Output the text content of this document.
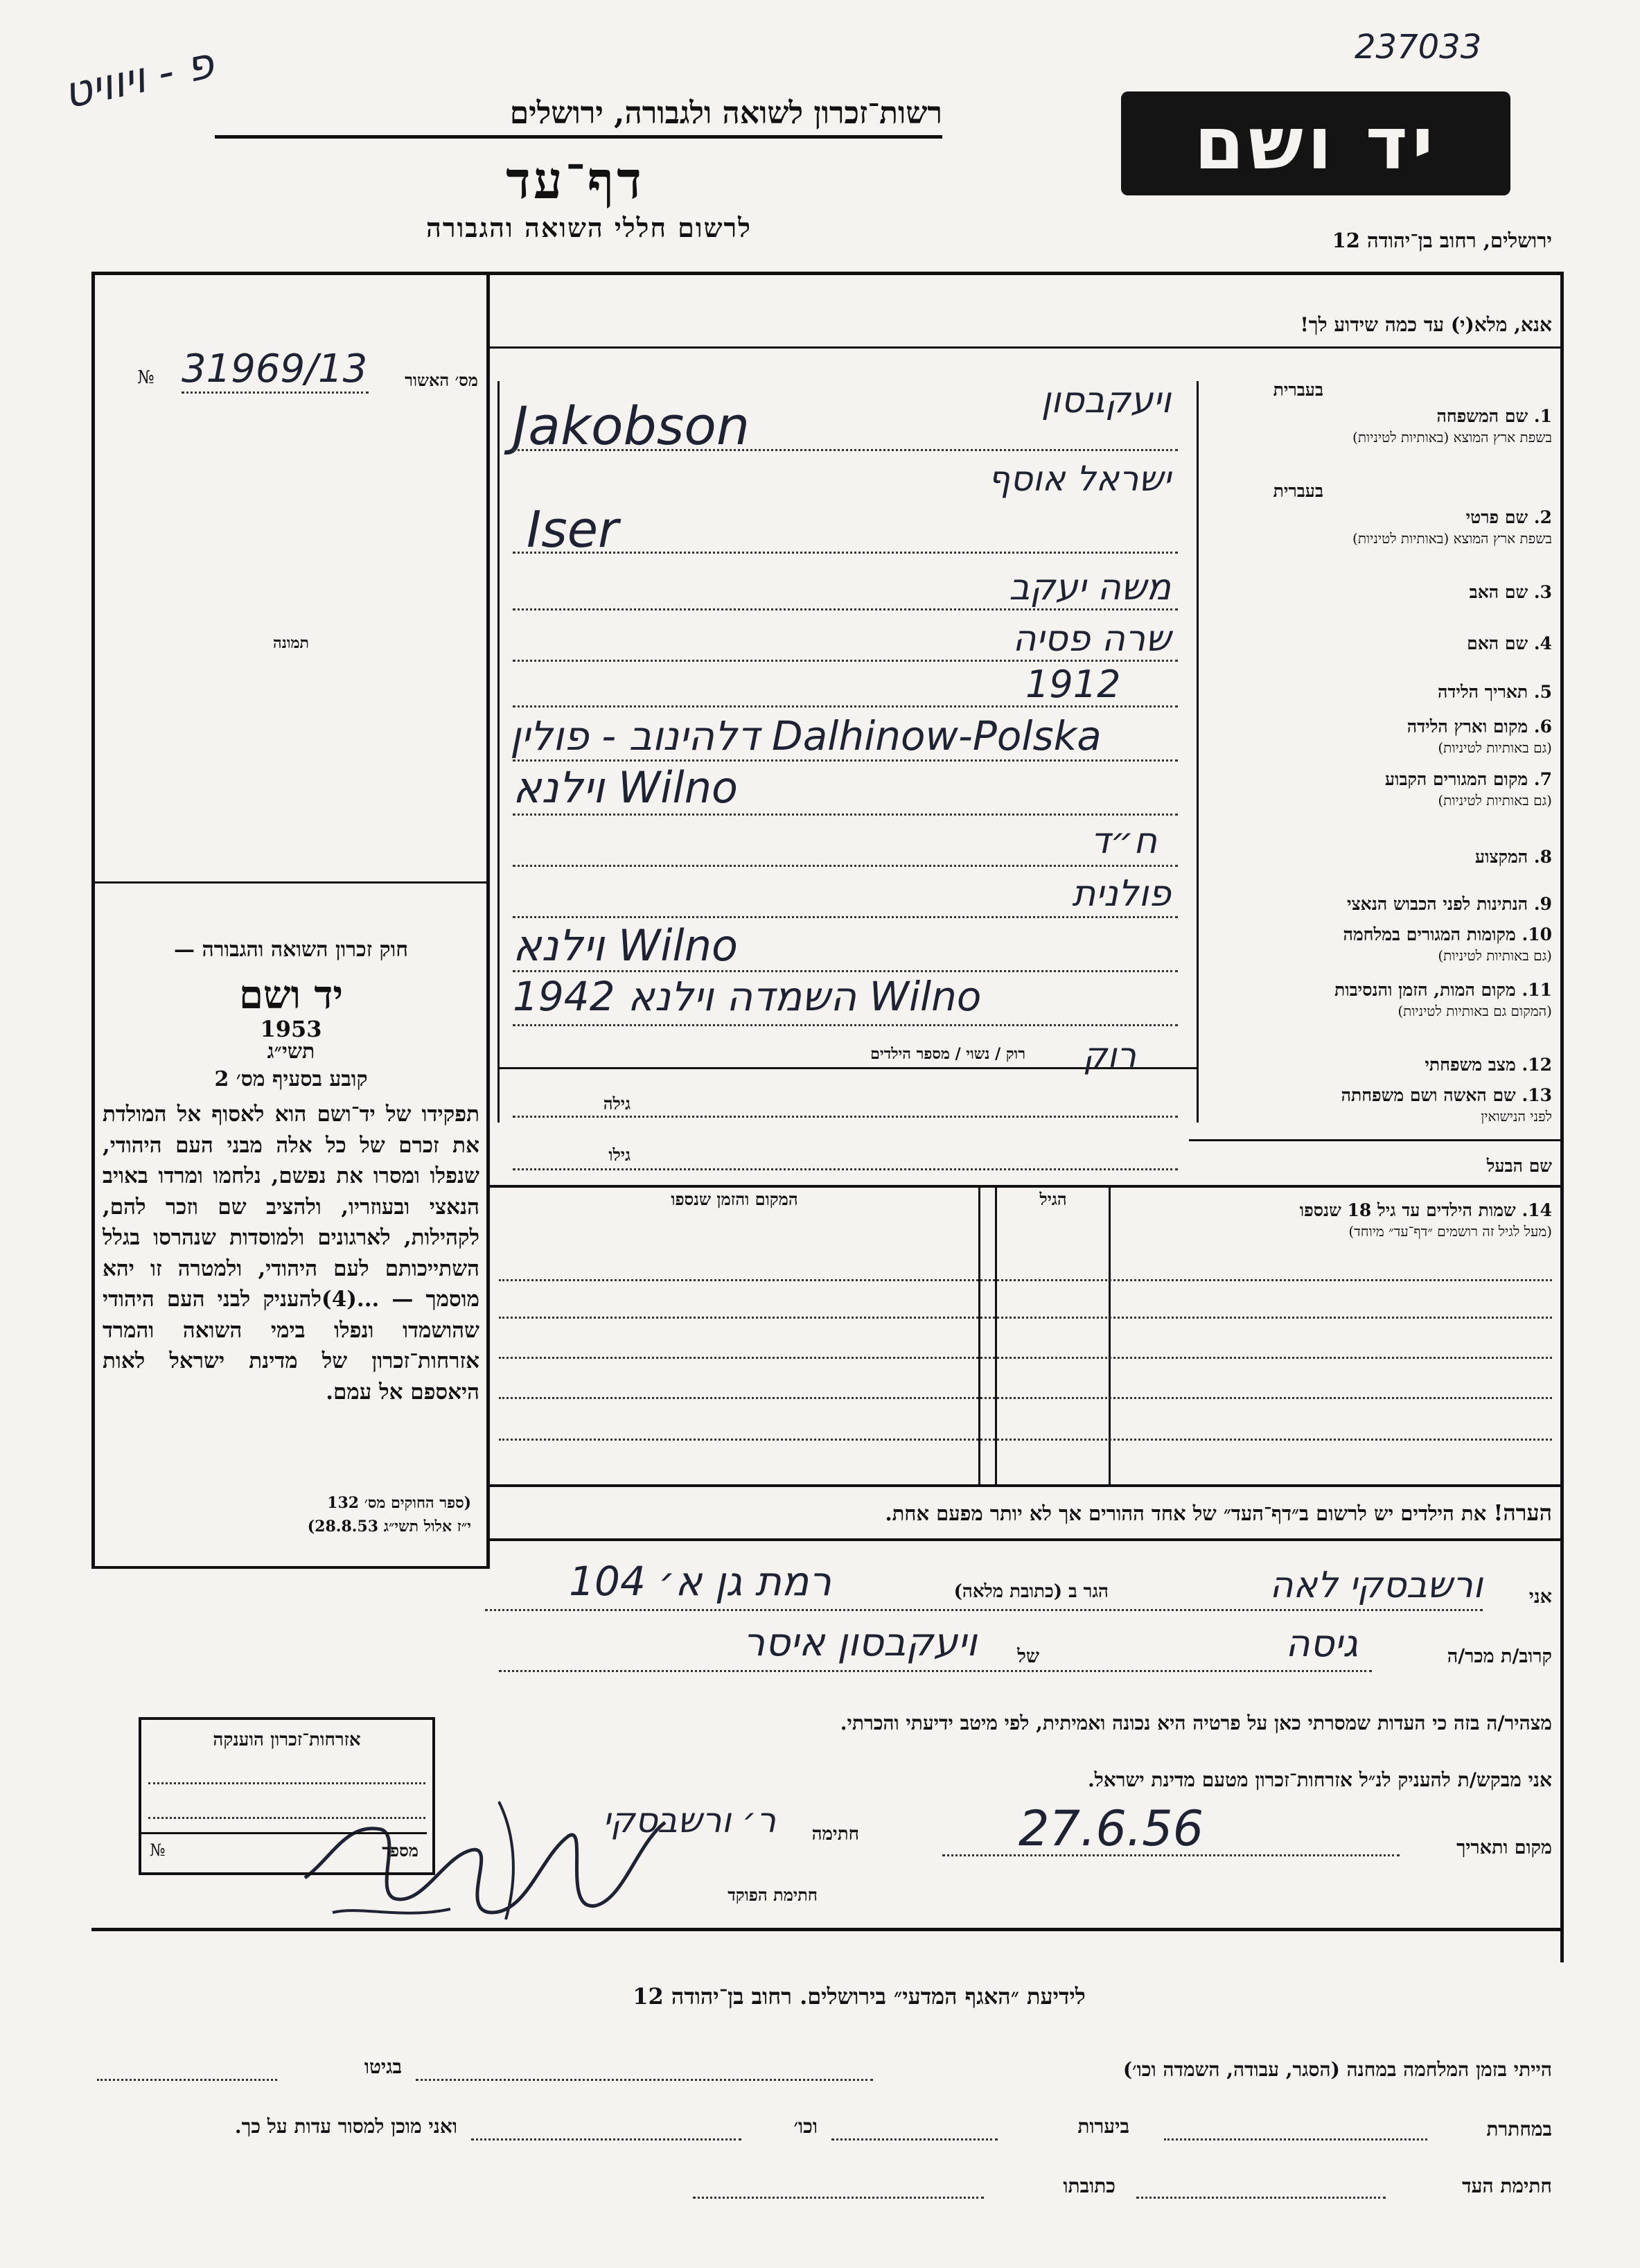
237033
פ - ויוויט	רשות־זכרון לשואה ולגבורה, ירושלים
דף־עד
לרשום חללי השואה והגבורה
יד ושם
ירושלים, רחוב בן־יהודה 12
מס׳ האשור
31969/13
№
תמונה
חוק זכרון השואה והגבורה —
יד ושם
תשי״ג
1953
קובע בסעיף מס׳ 2
תפקידו של יד־ושם הוא לאסוף אל המולדת את זכרם של כל אלה מבני העם היהודי, שנפלו ומסרו את נפשם, נלחמו ומרדו באויב הנאצי ובעוזריו, ולהציב שם וזכר להם, לקהילות, לארגונים ולמוסדות שנהרסו בגלל השתייכותם לעם היהודי, ולמטרה זו יהא מוסמך — ...(4)להעניק לבני העם היהודי שהושמדו ונפלו בימי השואה והמרד אזרחות־זכרון של מדינת ישראל לאות היאספם אל עמם.
(ספר החוקים מס׳ 132
י״ז אלול תשי״ג 28.8.53)
אנא, מלא(י) עד כמה שידוע לך!
בעברית
1. שם המשפחה
בשפת ארץ המוצא (באותיות לטיניות)
Jakobson	ויעקבסון
בעברית
2. שם פרטי
בשפת ארץ המוצא (באותיות לטיניות)
ישראל אוסף
Iser
3. שם האב
משה יעקב
4. שם האם
שרה פסיה
5. תאריך הלידה
1912
6. מקום וארץ הלידה
(גם באותיות לטיניות)
דלהינוב - פולין Dalhinow-Polska
7. מקום המגורים הקבוע
(גם באותיות לטיניות)
וילנא Wilno
8. המקצוע
ח״ד
9. הנתינות לפני הכבוש הנאצי
פולנית
10. מקומות המגורים במלחמה
(גם באותיות לטיניות)
וילנא Wilno
11. מקום המות, הזמן והנסיבות
(המקום גם באותיות לטיניות)
השמדה וילנא 1942 Wilno
12. מצב משפחתי
רוק / נשוי / מספר הילדים	רוק
13. שם האשה ושם משפחתה
לפני הנישואין
גילה
שם הבעל
גילו
14. שמות הילדים עד גיל 18 שנספו
(מעל לגיל זה רושמים ״דף־עד״ מיוחד)
הגיל
המקום והזמן שנספו
הערה! את הילדים יש לרשום ב״דף־העד״ של אחד ההורים אך לא יותר מפעם אחת.
אני
ורשבסקי לאה
הגר ב (כתובת מלאה)
רמת גן א׳ 104
קרוב/ת מכר/ה
גיסה
של
ויעקבסון איסר
מצהיר/ה בזה כי העדות שמסרתי כאן על פרטיה היא נכונה ואמיתית, לפי מיטב ידיעתי והכרתי.
אני מבקש/ת להעניק לנ״ל אזרחות־זכרון מטעם מדינת ישראל.
מקום ותאריך
27.6.56
חתימה
ר׳ ורשבסקי
חתימת הפוקד
אזרחות־זכרון הוענקה
מספר
№
לידיעת ״האגף המדעי״ בירושלים. רחוב בן־יהודה 12
הייתי בזמן המלחמה במחנה (הסגר, עבודה, השמדה וכו׳)
בגיטו
במחתרת
ביערות
וכו׳
ואני מוכן למסור עדות על כך.
חתימת העד
כתובתו
